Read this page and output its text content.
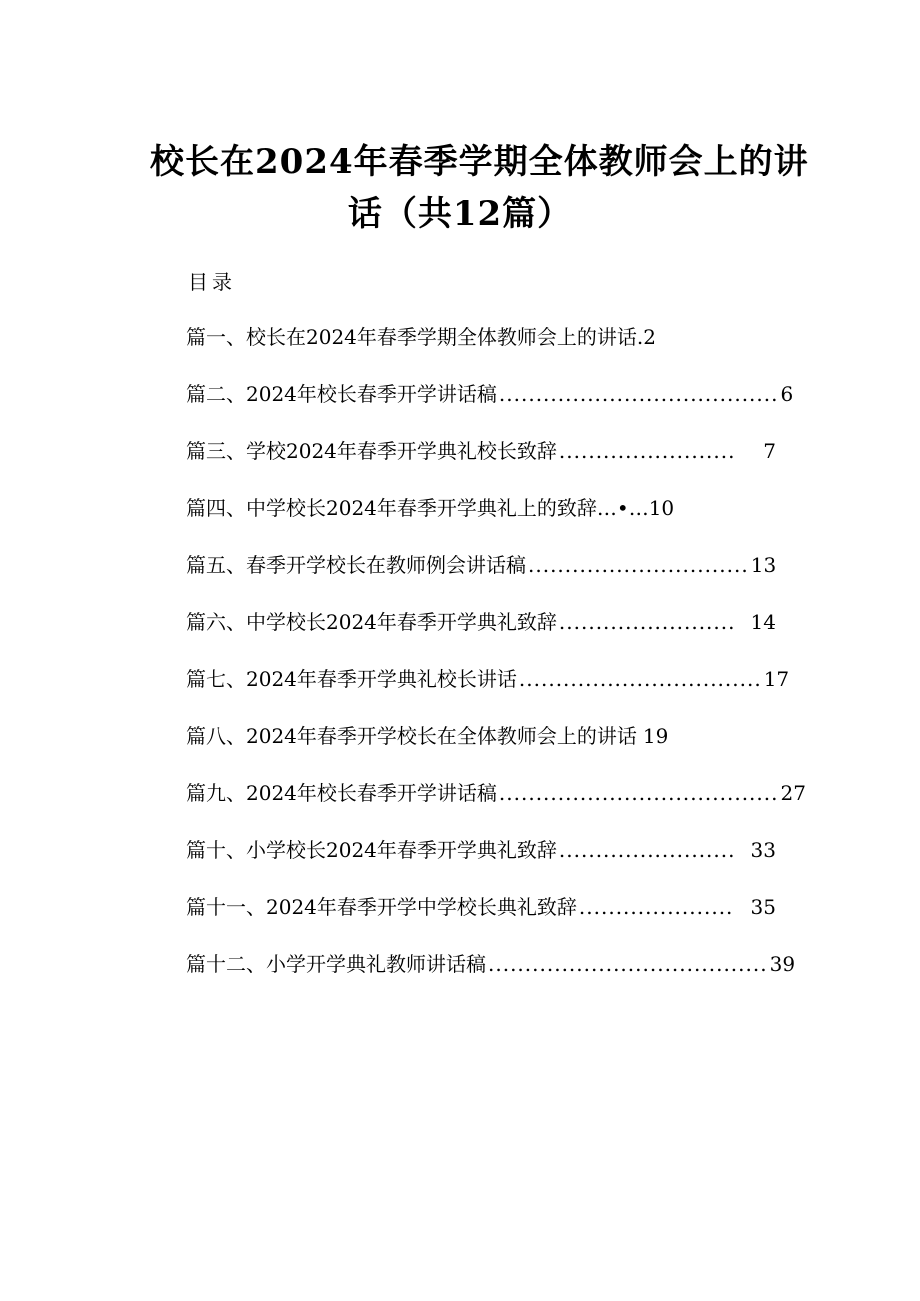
校长在2024年春季学期全体教师会上的讲
话（共12篇）
目录
篇一、校长在2024年春季学期全体教师会上的讲话. 2
篇二、2024年校长春季开学讲话稿 ...................................... 6
篇三、学校2024年春季开学典礼校长致辞 ........................	7
篇四、中学校长2024年春季开学典礼上的致辞 …•… 10
篇五、春季开学校长在教师例会讲话稿 .............................. 13
篇六、中学校长2024年春季开学典礼致辞 ........................ 14
篇七、2024年春季开学典礼校长讲话 ................................. 17
篇八、2024年春季开学校长在全体教师会上的讲话 19
篇九、2024年校长春季开学讲话稿 ...................................... 27
篇十、小学校长2024年春季开学典礼致辞 ........................ 33
篇十一、2024年春季开学中学校长典礼致辞 ..................... 35
篇十二、小学开学典礼教师讲话稿 ...................................... 39
